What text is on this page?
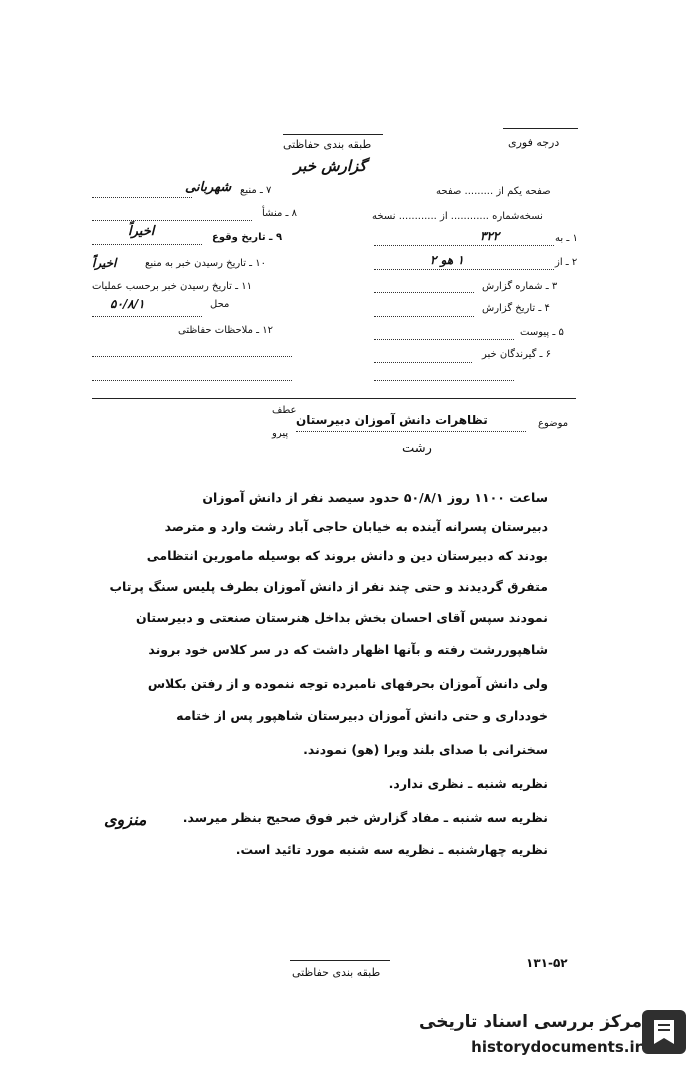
طبقه بندی حفاظتی
گزارش خبر
درجه فوری
شهربانی ۷ ـ منبع
۸ ـ منشأ
اخیراً	۹ ـ تاریخ وقوع
اخیراً	۱۰ ـ تاریخ رسیدن خبر به منبع
۱۱ ـ تاریخ رسیدن خبر برحسب عملیات
محل
۵۰/۸/۱
۱۲ ـ ملاحظات حفاظتی
صفحه یکم از ......... صفحه
نسخه‌شماره ............ از ............ نسخه
۳۲۲	۱ ـ به
۱ هو ۲	۲ ـ از
۳ ـ شماره گزارش
۴ ـ تاریخ گزارش
۵ ـ پیوست
۶ ـ گیرندگان خبر
موضوع
تظاهرات دانش آموزان دبیرستان
عطف
پیرو
رشت
ساعت ۱۱۰۰ روز ۵۰/۸/۱ حدود سیصد نفر از دانش آموزان
دبیرستان پسرانه آینده به خیابان حاجی آباد رشت وارد و مترصد
بودند که دبیرستان دین و دانش بروند که بوسیله مامورین انتظامی
متفرق گردیدند و حتی چند نفر از دانش آموزان بطرف پلیس سنگ پرتاب
نمودند سپس آقای احسان بخش بداخل هنرستان صنعتی و دبیرستان
شاهپوررشت رفته و بآنها اظهار داشت که در سر کلاس خود بروند
ولی دانش آموزان بحرفهای نامبرده توجه ننموده و از رفتن بکلاس
خودداری و حتی دانش آموزان دبیرستان شاهپور پس از ختامه
سخنرانی با صدای بلند ویرا (هو) نمودند.
نظریه شنبه ـ نظری ندارد.
نظریه سه شنبه ـ مفاد گزارش خبر فوق صحیح بنظر میرسد.
منزوی
نظریه چهارشنبه ـ نظریه سه شنبه مورد تائید است.
طبقه بندی حفاظتی
۱۳۱-۵۲
مرکز بررسی اسناد تاریخی
historydocuments.ir
